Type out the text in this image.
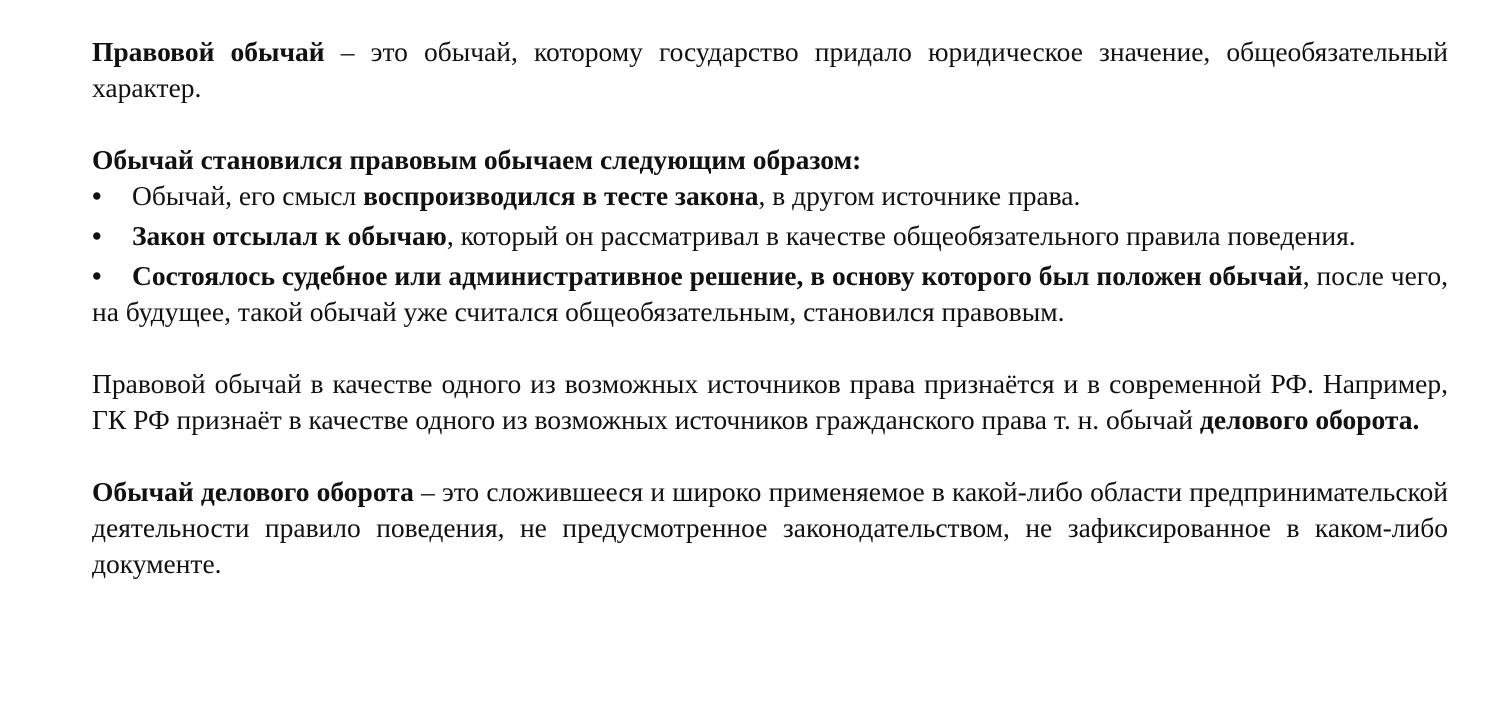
Правовой обычай – это обычай, которому государство придало юридическое значение, общеобязательный характер.

Обычай становился правовым обычаем следующим образом:

• Обычай, его смысл воспроизводился в тесте закона, в другом источнике права.

• Закон отсылал к обычаю, который он рассматривал в качестве общеобязательного правила поведения.

• Состоялось судебное или административное решение, в основу которого был положен обычай, после чего, на будущее, такой обычай уже считался общеобязательным, становился правовым.

Правовой обычай в качестве одного из возможных источников права признаётся и в современной РФ. Например, ГК РФ признаёт в качестве одного из возможных источников гражданского права т. н. обычай делового оборота.

Обычай делового оборота – это сложившееся и широко применяемое в какой-либо области предпринимательской деятельности правило поведения, не предусмотренное законодательством, не зафиксированное в каком-либо документе.
